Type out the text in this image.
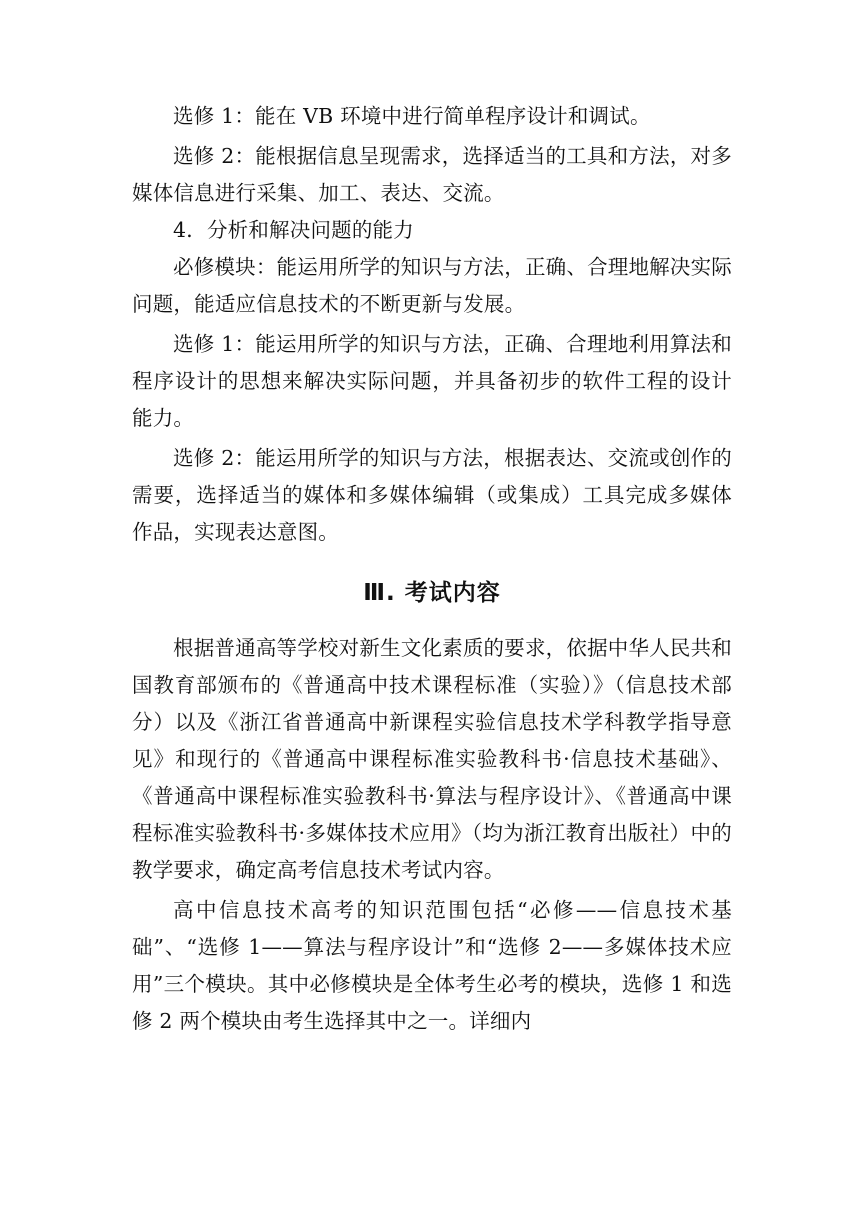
选修 1：能在 VB 环境中进行简单程序设计和调试。

选修 2：能根据信息呈现需求，选择适当的工具和方法，对多媒体信息进行采集、加工、表达、交流。

4．分析和解决问题的能力

必修模块：能运用所学的知识与方法，正确、合理地解决实际问题，能适应信息技术的不断更新与发展。

选修 1：能运用所学的知识与方法，正确、合理地利用算法和程序设计的思想来解决实际问题，并具备初步的软件工程的设计能力。

选修 2：能运用所学的知识与方法，根据表达、交流或创作的需要，选择适当的媒体和多媒体编辑（或集成）工具完成多媒体作品，实现表达意图。

Ⅲ. 考试内容

根据普通高等学校对新生文化素质的要求，依据中华人民共和国教育部颁布的《普通高中技术课程标准（实验）》（信息技术部分）以及《浙江省普通高中新课程实验信息技术学科教学指导意见》和现行的《普通高中课程标准实验教科书·信息技术基础》、《普通高中课程标准实验教科书·算法与程序设计》、《普通高中课程标准实验教科书·多媒体技术应用》（均为浙江教育出版社）中的教学要求，确定高考信息技术考试内容。

高中信息技术高考的知识范围包括“必修——信息技术基础”、“选修 1——算法与程序设计”和“选修 2——多媒体技术应用”三个模块。其中必修模块是全体考生必考的模块，选修 1 和选修 2 两个模块由考生选择其中之一。详细内
